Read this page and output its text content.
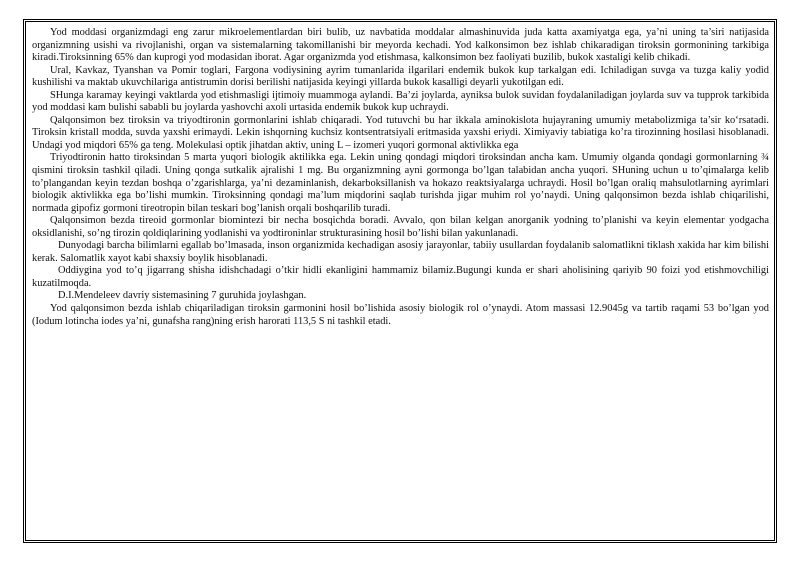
Yod moddasi organizmdagi eng zarur mikroelementlardan biri bulib, uz navbatida moddalar almashinuvida juda katta axamiyatga ega, ya’ni uning ta’siri natijasida organizmning usishi va rivojlanishi, organ va sistemalarning takomillanishi bir meyorda kechadi. Yod kalkonsimon bez ishlab chikaradigan tiroksin gormonining tarkibiga kiradi.Tiroksinning 65% dan kuprogi yod modasidan iborat. Agar organizmda yod etishmasa, kalkonsimon bez faoliyati buzilib, bukok xastaligi kelib chikadi.

Ural, Kavkaz, Tyanshan va Pomir toglari, Fargona vodiysining ayrim tumanlarida ilgarilari endemik bukok kup tarkalgan edi. Ichiladigan suvga va tuzga kaliy yodid kushilishi va maktab ukuvchilariga antistrumin dorisi berilishi natijasida keyingi yillarda bukok kasalligi deyarli yukotilgan edi.

SHunga karamay keyingi vaktlarda yod etishmasligi ijtimoiy muammoga aylandi. Ba’zi joylarda, ayniksa bulok suvidan foydalaniladigan joylarda suv va tupprok tarkibida yod moddasi kam bulishi sababli bu joylarda yashovchi axoli urtasida endemik bukok kup uchraydi.

Qalqonsimon bez tiroksin va triyodtironin gormonlarini ishlab chiqaradi. Yod tutuvchi bu har ikkala aminokislota hujayraning umumiy metabolizmiga ta’sir ko‘rsatadi. Tiroksin kristall modda, suvda yaxshi erimaydi. Lekin ishqorning kuchsiz kontsentratsiyali eritmasida yaxshi eriydi. Ximiyaviy tabiatiga ko’ra tirozinning hosilasi hisoblanadi. Undagi yod miqdori 65% ga teng. Molekulasi optik jihatdan aktiv, uning L – izomeri yuqori gormonal aktivlikka ega

Triyodtironin hatto tiroksindan 5 marta yuqori biologik aktilikka ega. Lekin uning qondagi miqdori tiroksindan ancha kam. Umumiy olganda qondagi gormonlarning ¾ qismini tiroksin tashkil qiladi. Uning qonga sutkalik ajralishi 1 mg. Bu organizmning ayni gormonga bo’lgan talabidan ancha yuqori. SHuning uchun u to’qimalarga kelib to’plangandan keyin tezdan boshqa o’zgarishlarga, ya’ni dezaminlanish, dekarboksillanish va hokazo reaktsiyalarga uchraydi. Hosil bo’lgan oraliq mahsulotlarning ayrimlari biologik aktivlikka ega bo’lishi mumkin. Tiroksinning qondagi ma’lum miqdorini saqlab turishda jigar muhim rol yo’naydi. Uning qalqonsimon bezda ishlab chiqarilishi, normada gipofiz gormoni tireotropin bilan teskari bog’lanish orqali boshqarilib turadi.

Qalqonsimon bezda tireoid gormonlar biomintezi bir necha bosqichda boradi. Avvalo, qon bilan kelgan anorganik yodning to’planishi va keyin elementar yodgacha oksidlanishi, so’ng tirozin qoldiqlarining yodlanishi va yodtironinlar strukturasining hosil bo’lishi bilan yakunlanadi.

Dunyodagi barcha bilimlarni egallab bo’lmasada, inson organizmida kechadigan asosiy jarayonlar, tabiiy usullardan foydalanib salomatlikni tiklash xakida har kim bilishi kerak. Salomatlik xayot kabi shaxsiy boylik hisoblanadi.

Oddiygina yod to’q jigarrang shisha idishchadagi o’tkir hidli ekanligini hammamiz bilamiz.Bugungi kunda er shari aholisining qariyib 90 foizi yod etishmovchiligi kuzatilmoqda.

D.I.Mendeleev davriy sistemasining 7 guruhida joylashgan.

Yod qalqonsimon bezda ishlab chiqariladigan tiroksin garmonini hosil bo’lishida asosiy biologik rol o’ynaydi. Atom massasi 12.9045g va tartib raqami 53 bo’lgan yod (Iodum lotincha iodes ya’ni, gunafsha rang)ning erish harorati 113,5 S ni tashkil etadi.
